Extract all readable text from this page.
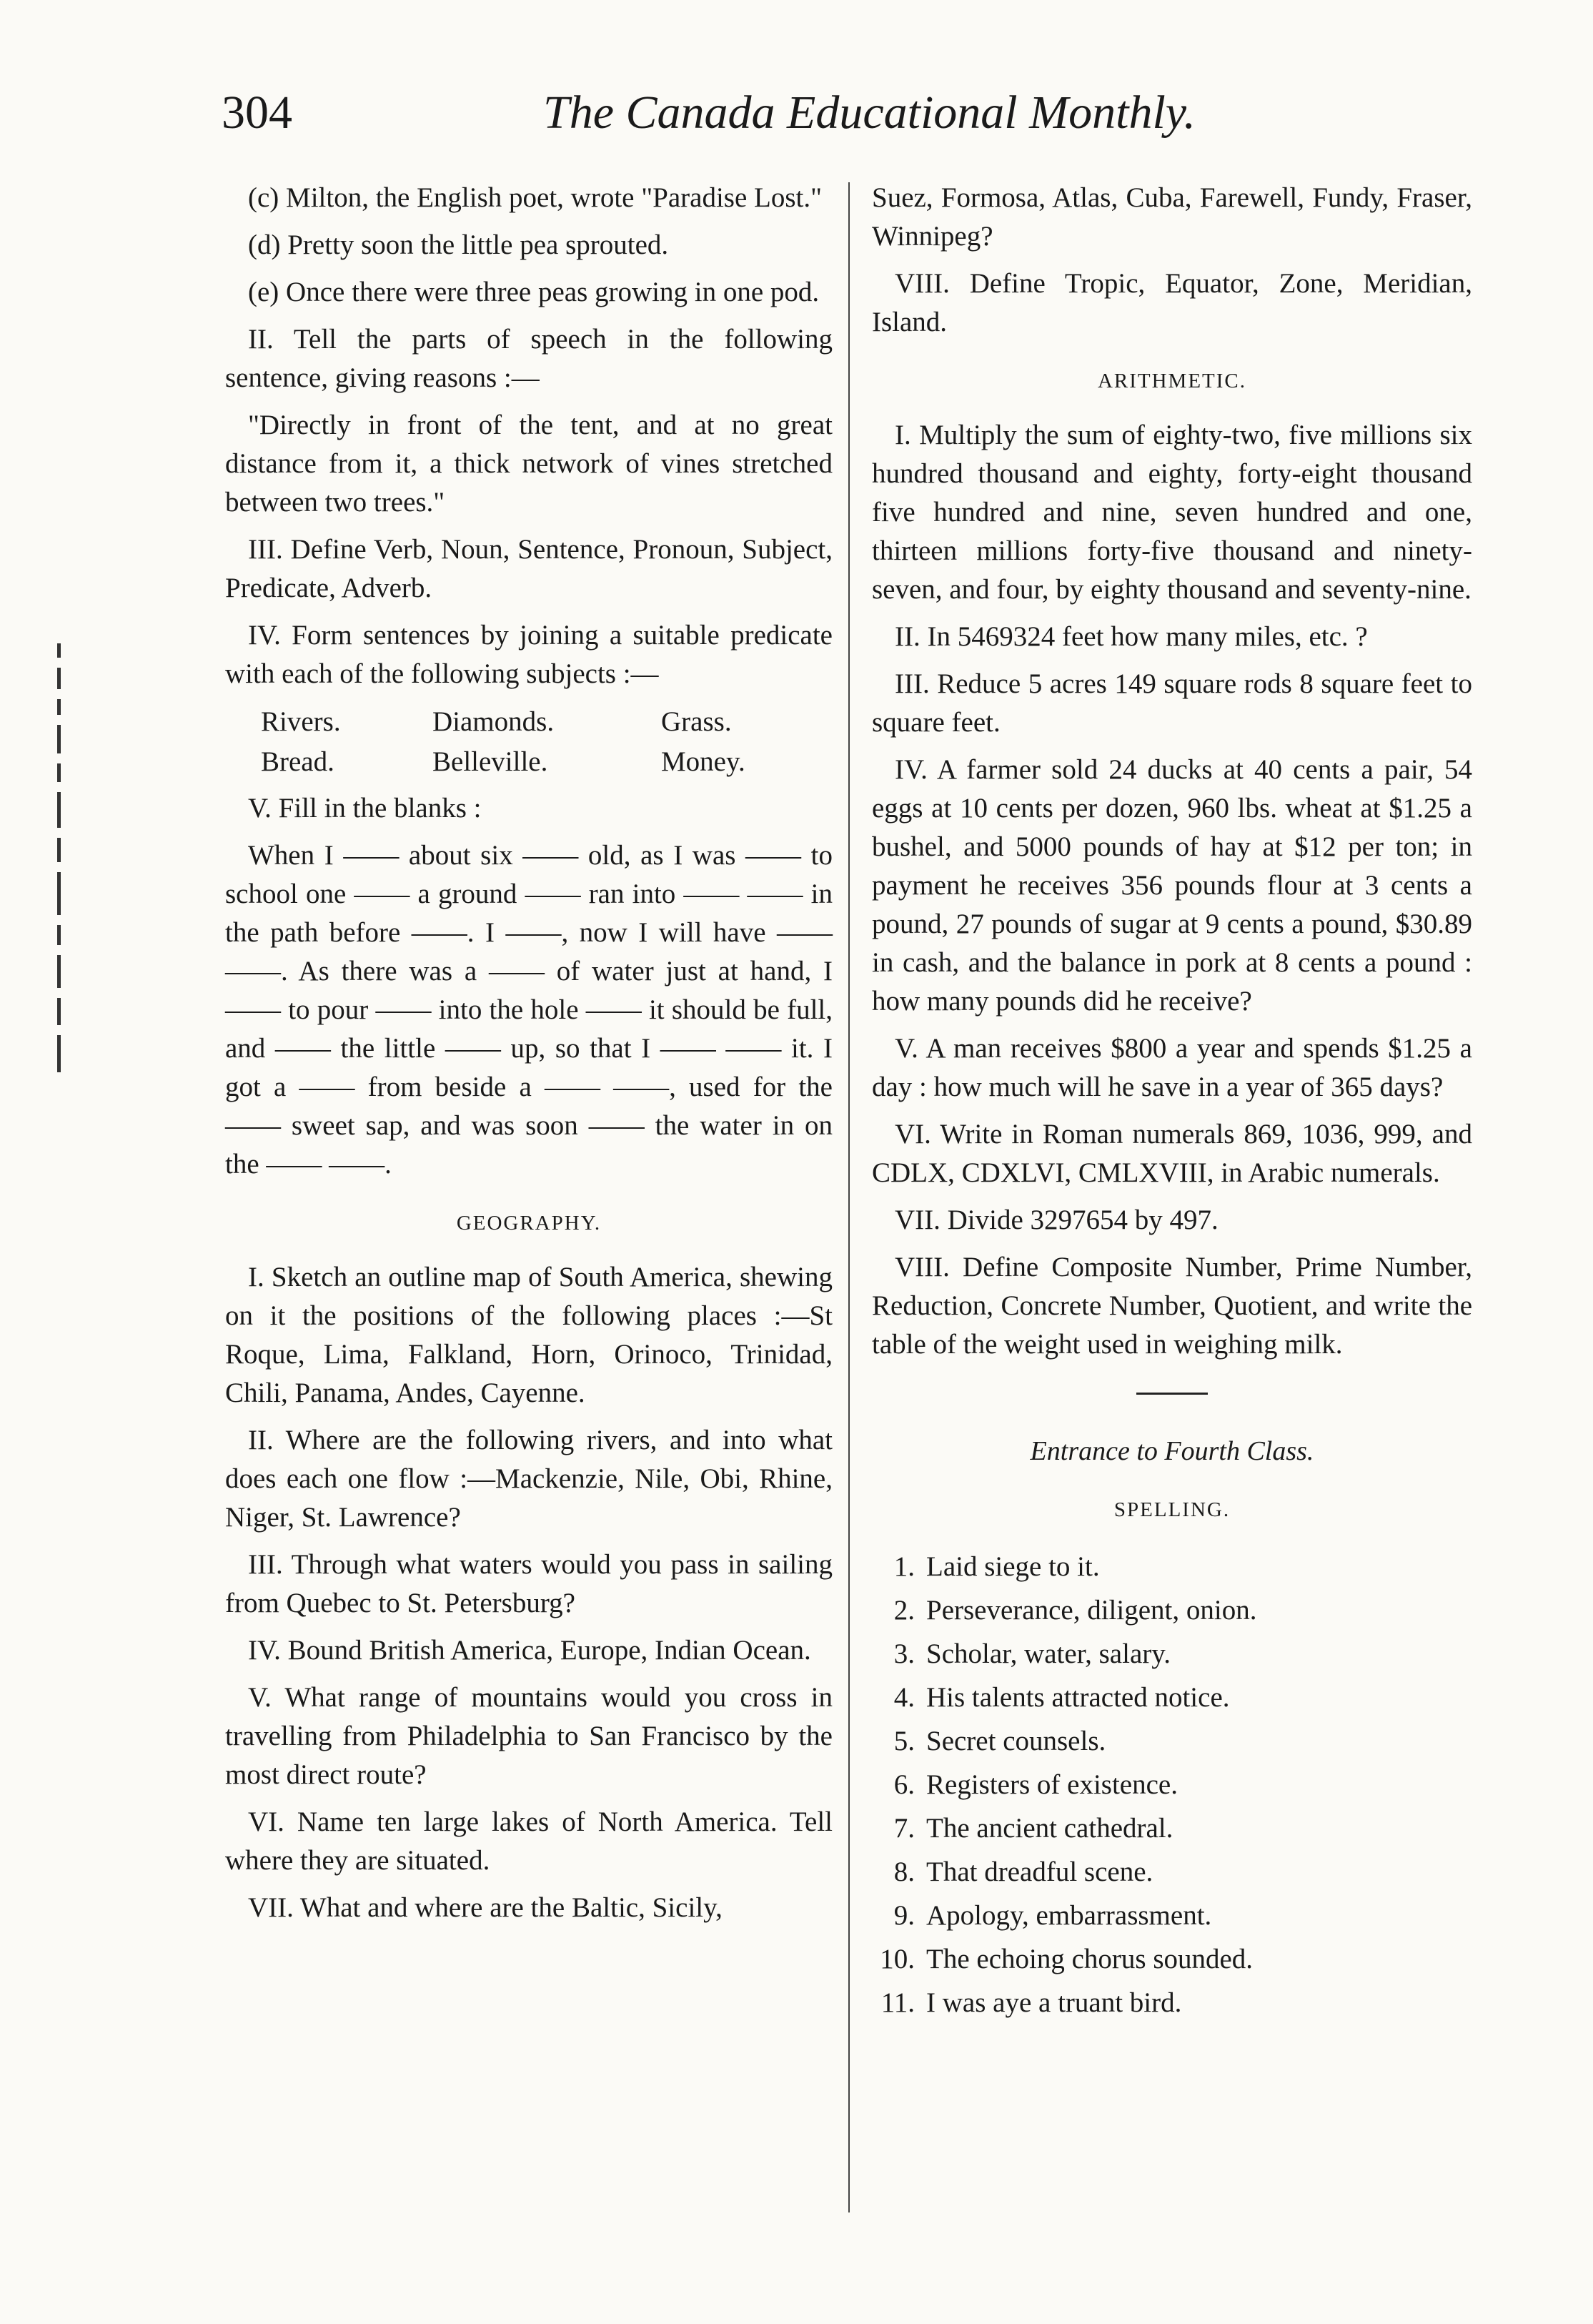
304	The Canada Educational Monthly.

(c) Milton, the English poet, wrote "Paradise Lost."

(d) Pretty soon the little pea sprouted.

(e) Once there were three peas growing in one pod.

II. Tell the parts of speech in the following sentence, giving reasons :—

"Directly in front of the tent, and at no great distance from it, a thick network of vines stretched between two trees."

III. Define Verb, Noun, Sentence, Pronoun, Subject, Predicate, Adverb.

IV. Form sentences by joining a suitable predicate with each of the following subjects :—

Rivers.	Diamonds.	Grass.
Bread.	Belleville.	Money.

V. Fill in the blanks :

When I —— about six —— old, as I was —— to school one —— a ground —— ran into —— —— in the path before ——. I ——, now I will have —— ——. As there was a —— of water just at hand, I —— to pour —— into the hole —— it should be full, and —— the little —— up, so that I —— —— it. I got a —— from beside a —— ——, used for the —— sweet sap, and was soon —— the water in on the —— ——.

GEOGRAPHY.

I. Sketch an outline map of South America, shewing on it the positions of the following places :—St Roque, Lima, Falkland, Horn, Orinoco, Trinidad, Chili, Panama, Andes, Cayenne.

II. Where are the following rivers, and into what does each one flow :—Mackenzie, Nile, Obi, Rhine, Niger, St. Lawrence?

III. Through what waters would you pass in sailing from Quebec to St. Petersburg?

IV. Bound British America, Europe, Indian Ocean.

V. What range of mountains would you cross in travelling from Philadelphia to San Francisco by the most direct route?

VI. Name ten large lakes of North America. Tell where they are situated.

VII. What and where are the Baltic, Sicily,

Suez, Formosa, Atlas, Cuba, Farewell, Fundy, Fraser, Winnipeg?

VIII. Define Tropic, Equator, Zone, Meridian, Island.

ARITHMETIC.

I. Multiply the sum of eighty-two, five millions six hundred thousand and eighty, forty-eight thousand five hundred and nine, seven hundred and one, thirteen millions forty-five thousand and ninety-seven, and four, by eighty thousand and seventy-nine.

II. In 5469324 feet how many miles, etc. ?

III. Reduce 5 acres 149 square rods 8 square feet to square feet.

IV. A farmer sold 24 ducks at 40 cents a pair, 54 eggs at 10 cents per dozen, 960 lbs. wheat at $1.25 a bushel, and 5000 pounds of hay at $12 per ton; in payment he receives 356 pounds flour at 3 cents a pound, 27 pounds of sugar at 9 cents a pound, $30.89 in cash, and the balance in pork at 8 cents a pound : how many pounds did he receive?

V. A man receives $800 a year and spends $1.25 a day : how much will he save in a year of 365 days?

VI. Write in Roman numerals 869, 1036, 999, and CDLX, CDXLVI, CMLXVIII, in Arabic numerals.

VII. Divide 3297654 by 497.

VIII. Define Composite Number, Prime Number, Reduction, Concrete Number, Quotient, and write the table of the weight used in weighing milk.

Entrance to Fourth Class.
SPELLING.
1. Laid siege to it.
2. Perseverance, diligent, onion.
3. Scholar, water, salary.
4. His talents attracted notice.
5. Secret counsels.
6. Registers of existence.
7. The ancient cathedral.
8. That dreadful scene.
9. Apology, embarrassment.
10. The echoing chorus sounded.
11. I was aye a truant bird.
